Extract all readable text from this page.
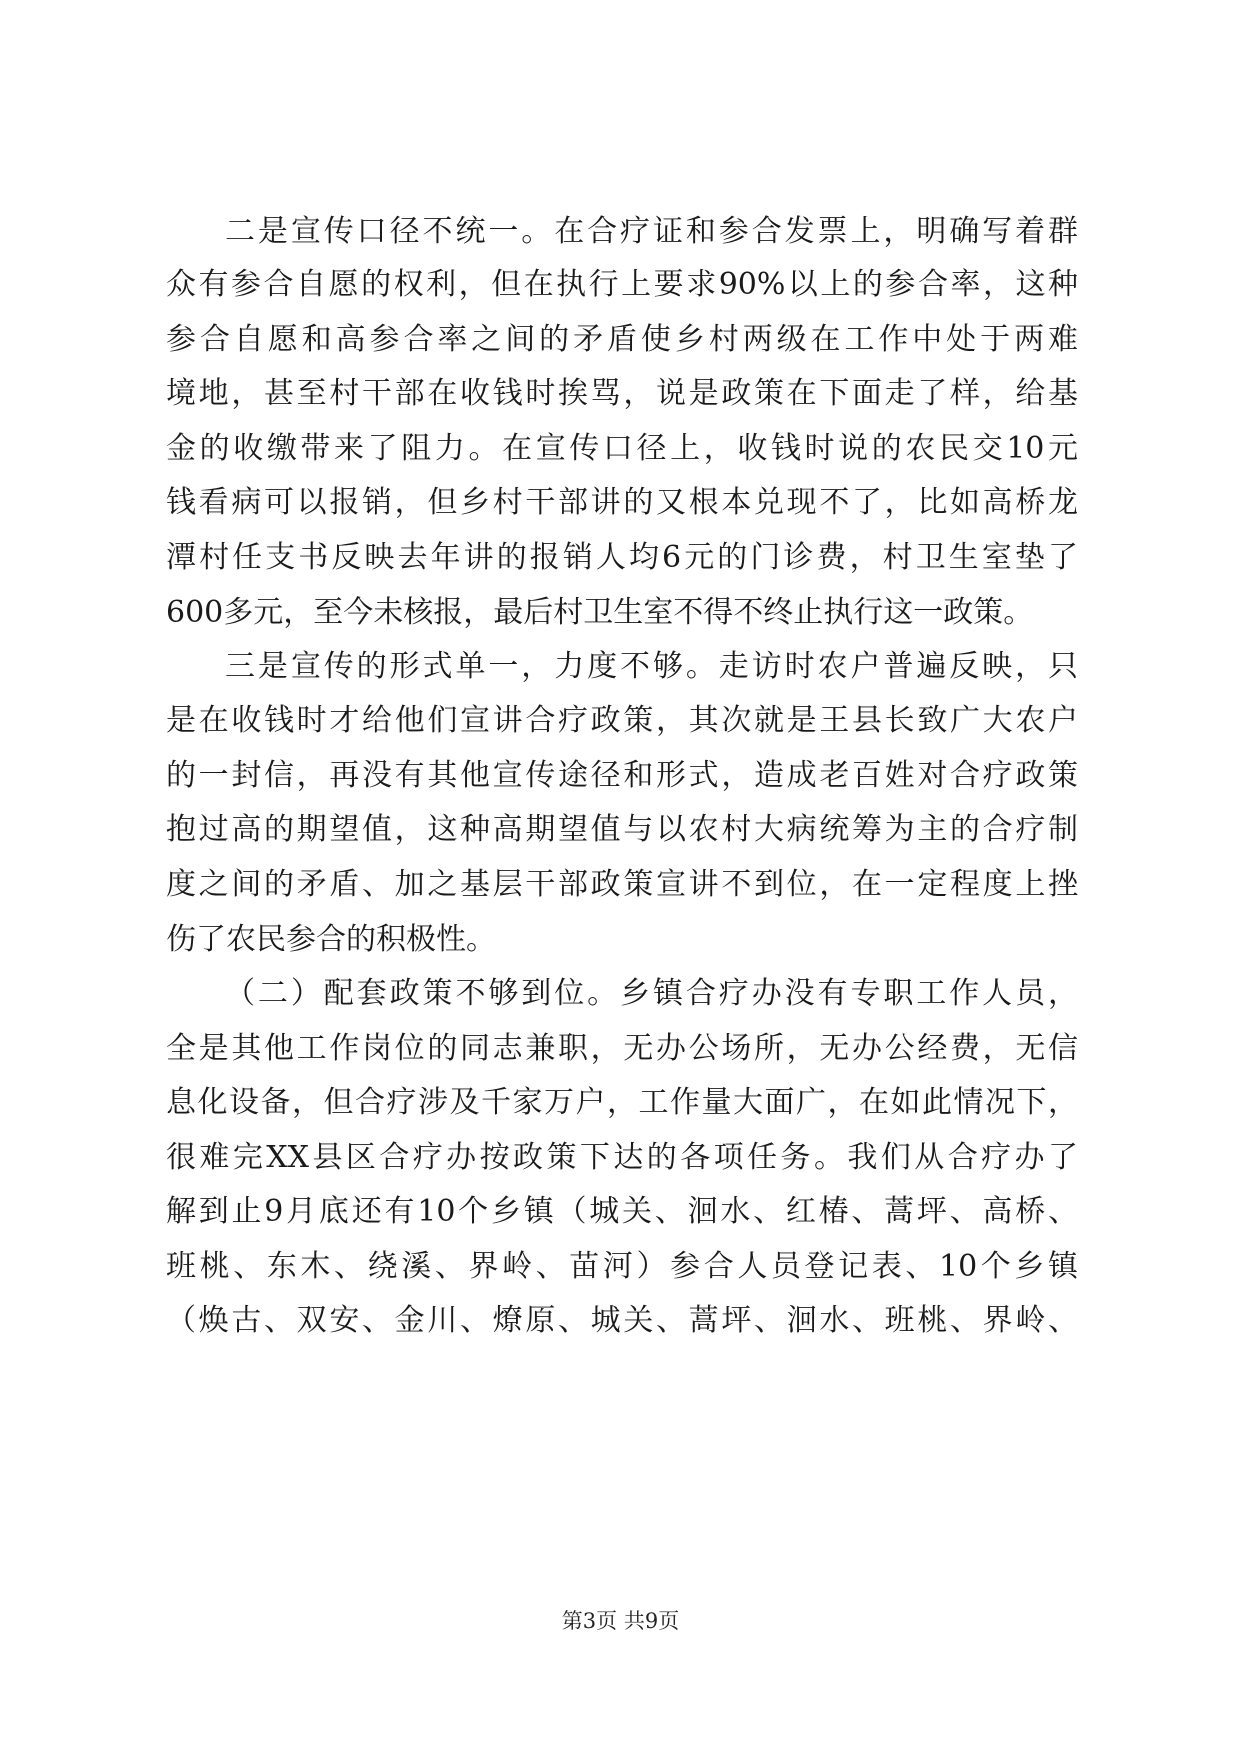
二是宣传口径不统一。在合疗证和参合发票上，明确写着群
众有参合自愿的权利，但在执行上要求90%以上的参合率，这种
参合自愿和高参合率之间的矛盾使乡村两级在工作中处于两难
境地，甚至村干部在收钱时挨骂，说是政策在下面走了样，给基
金的收缴带来了阻力。在宣传口径上，收钱时说的农民交10元
钱看病可以报销，但乡村干部讲的又根本兑现不了，比如高桥龙
潭村任支书反映去年讲的报销人均6元的门诊费，村卫生室垫了
600多元，至今未核报，最后村卫生室不得不终止执行这一政策。
三是宣传的形式单一，力度不够。走访时农户普遍反映，只
是在收钱时才给他们宣讲合疗政策，其次就是王县长致广大农户
的一封信，再没有其他宣传途径和形式，造成老百姓对合疗政策
抱过高的期望值，这种高期望值与以农村大病统筹为主的合疗制
度之间的矛盾、加之基层干部政策宣讲不到位，在一定程度上挫
伤了农民参合的积极性。
（二）配套政策不够到位。乡镇合疗办没有专职工作人员，
全是其他工作岗位的同志兼职，无办公场所，无办公经费，无信
息化设备，但合疗涉及千家万户，工作量大面广，在如此情况下，
很难完XX县区合疗办按政策下达的各项任务。我们从合疗办了
解到止9月底还有10个乡镇（城关、洄水、红椿、蒿坪、高桥、
班桃、东木、绕溪、界岭、苗河）参合人员登记表、10个乡镇
（焕古、双安、金川、燎原、城关、蒿坪、洄水、班桃、界岭、
第3页 共9页
